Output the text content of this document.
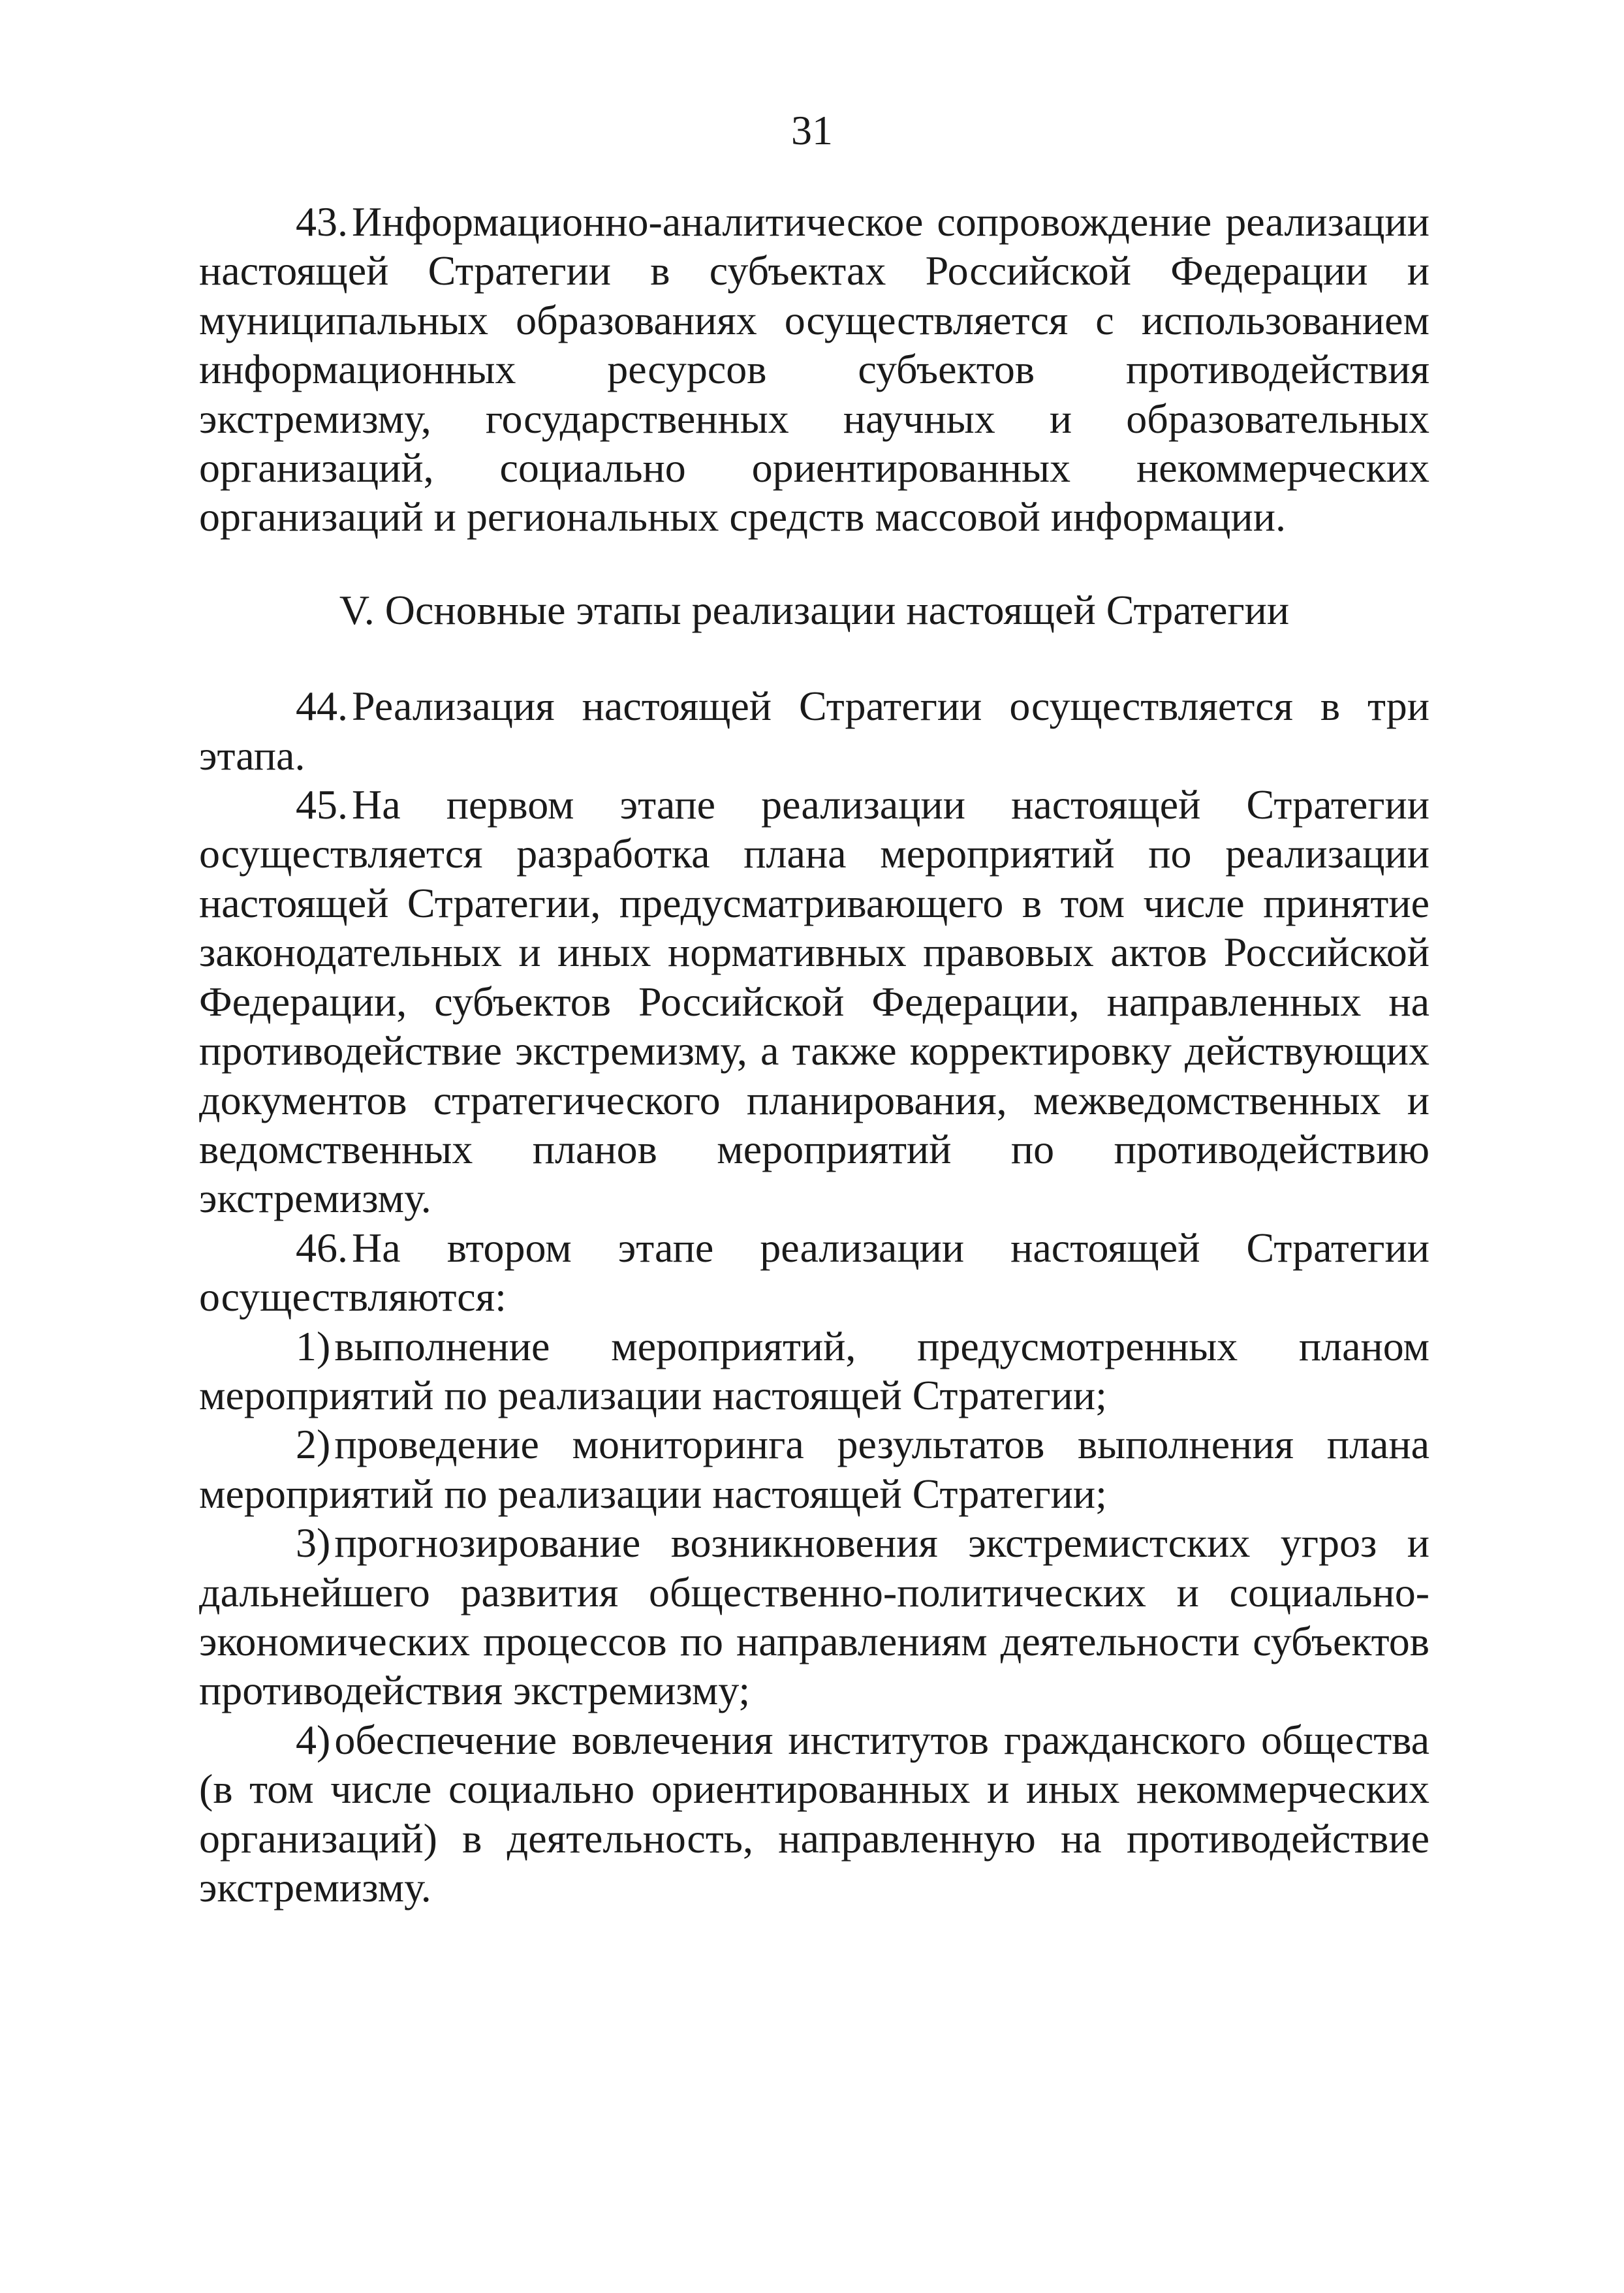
31

43.Информационно-аналитическое сопровождение реализации настоящей Стратегии в субъектах Российской Федерации и муниципальных образованиях осуществляется с использованием информационных ресурсов субъектов противодействия экстремизму, государственных научных и образовательных организаций, социально ориентированных некоммерческих организаций и региональных средств массовой информации.

V. Основные этапы реализации настоящей Стратегии

44.Реализация настоящей Стратегии осуществляется в три этапа.

45.На первом этапе реализации настоящей Стратегии осуществляется разработка плана мероприятий по реализации настоящей Стратегии, предусматривающего в том числе принятие законодательных и иных нормативных правовых актов Российской Федерации, субъектов Российской Федерации, направленных на противодействие экстремизму, а также корректировку действующих документов стратегического планирования, межведомственных и ведомственных планов мероприятий по противодействию экстремизму.

46.На втором этапе реализации настоящей Стратегии осуществляются:

1)выполнение мероприятий, предусмотренных планом мероприятий по реализации настоящей Стратегии;

2)проведение мониторинга результатов выполнения плана мероприятий по реализации настоящей Стратегии;

3)прогнозирование возникновения экстремистских угроз и дальнейшего развития общественно-политических и социально-экономических процессов по направлениям деятельности субъектов противодействия экстремизму;

4)обеспечение вовлечения институтов гражданского общества (в том числе социально ориентированных и иных некоммерческих организаций) в деятельность, направленную на противодействие экстремизму.
